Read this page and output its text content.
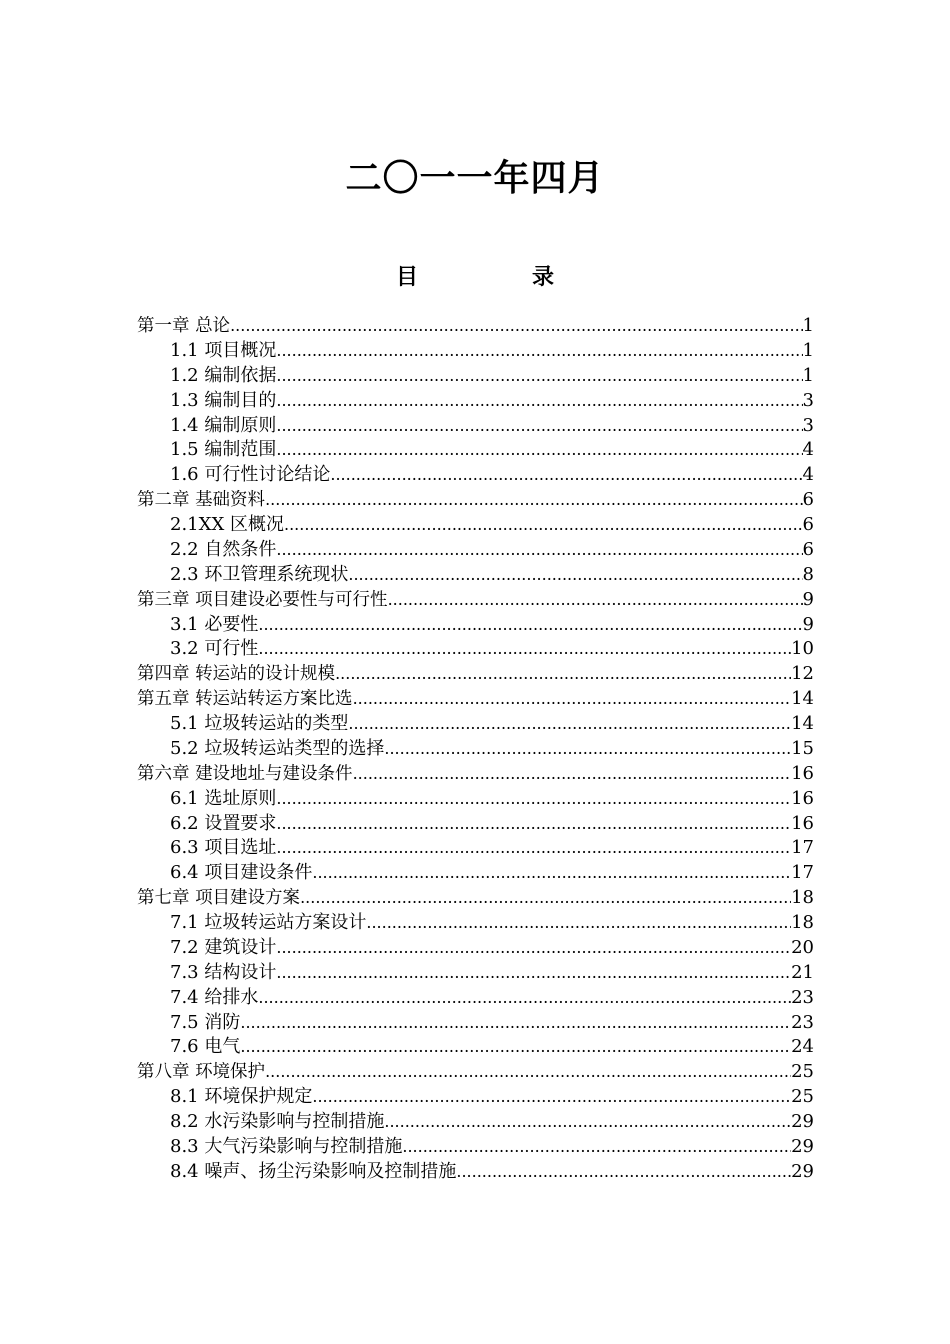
二〇一一年四月
目　录
第一章 总论 .....	1
1.1 项目概况 .....	1
1.2 编制依据 .....	1
1.3 编制目的 .....	3
1.4 编制原则 .....	3
1.5 编制范围 .....	4
1.6 可行性讨论结论 .....	4
第二章 基础资料 .....	6
2.1XX 区概况 .....	6
2.2 自然条件 .....	6
2.3 环卫管理系统现状 .....	8
第三章 项目建设必要性与可行性 .....	9
3.1 必要性 .....	9
3.2 可行性 .....	10
第四章 转运站的设计规模 .....	12
第五章 转运站转运方案比选 .....	14
5.1 垃圾转运站的类型 .....	14
5.2 垃圾转运站类型的选择 .....	15
第六章 建设地址与建设条件 .....	16
6.1 选址原则 .....	16
6.2 设置要求 .....	16
6.3 项目选址 .....	17
6.4 项目建设条件 .....	17
第七章 项目建设方案 .....	18
7.1 垃圾转运站方案设计 .....	18
7.2 建筑设计 .....	20
7.3 结构设计 .....	21
7.4 给排水 .....	23
7.5 消防 .....	23
7.6 电气 .....	24
第八章 环境保护 .....	25
8.1 环境保护规定 .....	25
8.2 水污染影响与控制措施 .....	29
8.3 大气污染影响与控制措施 .....	29
8.4 噪声、扬尘污染影响及控制措施 .....	29
